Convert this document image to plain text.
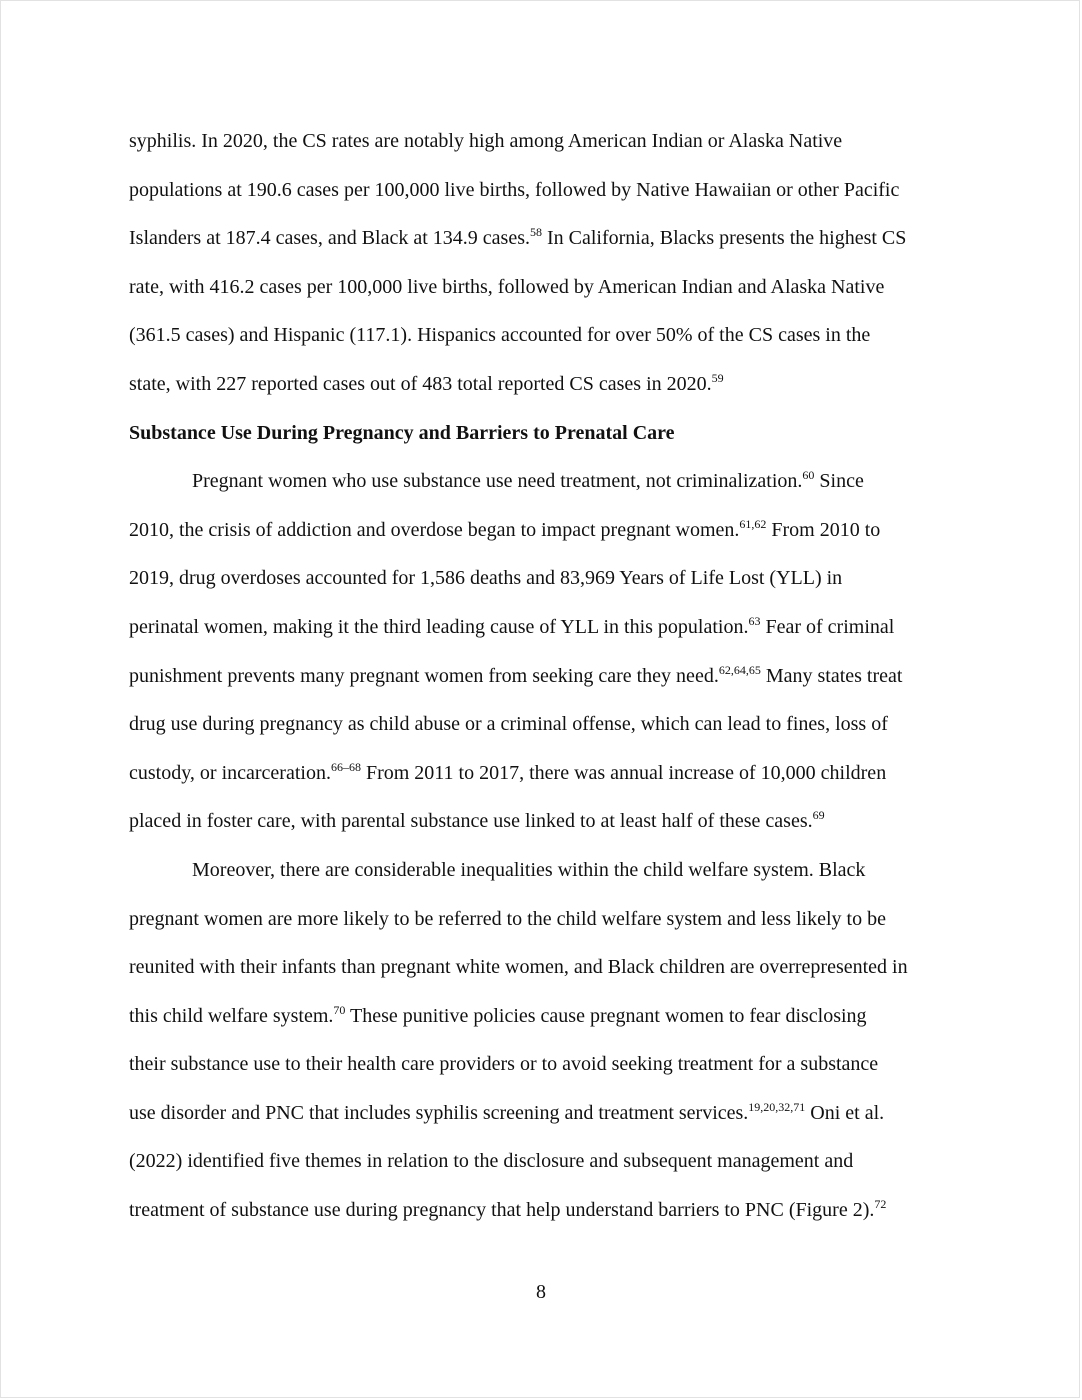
syphilis. In 2020, the CS rates are notably high among American Indian or Alaska Native
populations at 190.6 cases per 100,000 live births, followed by Native Hawaiian or other Pacific
Islanders at 187.4 cases, and Black at 134.9 cases.$^{58}$ In California, Blacks presents the highest CS
rate, with 416.2 cases per 100,000 live births, followed by American Indian and Alaska Native
(361.5 cases) and Hispanic (117.1). Hispanics accounted for over 50% of the CS cases in the
state, with 227 reported cases out of 483 total reported CS cases in 2020.59

Substance Use During Pregnancy and Barriers to Prenatal Care

Pregnant women who use substance use need treatment, not criminalization.$^{60}$ Since
2010, the crisis of addiction and overdose began to impact pregnant women.$^{61,62}$ From 2010 to
2019, drug overdoses accounted for 1,586 deaths and 83,969 Years of Life Lost (YLL) in
perinatal women, making it the third leading cause of YLL in this population.$^{63}$ Fear of criminal
punishment prevents many pregnant women from seeking care they need.$^{62,64,65}$ Many states treat
drug use during pregnancy as child abuse or a criminal offense, which can lead to fines, loss of
custody, or incarceration.$^{66-68}$ From 2011 to 2017, there was annual increase of 10,000 children
placed in foster care, with parental substance use linked to at least half of these cases.$^{69}$

Moreover, there are considerable inequalities within the child welfare system. Black
pregnant women are more likely to be referred to the child welfare system and less likely to be
reunited with their infants than pregnant white women, and Black children are overrepresented in
this child welfare system.$^{70}$ These punitive policies cause pregnant women to fear disclosing
their substance use to their health care providers or to avoid seeking treatment for a substance
use disorder and PNC that includes syphilis screening and treatment services.$^{19,20,32,71}$ Oni et al.
(2022) identified five themes in relation to the disclosure and subsequent management and
treatment of substance use during pregnancy that help understand barriers to PNC (Figure 2).$^{72}$

8
